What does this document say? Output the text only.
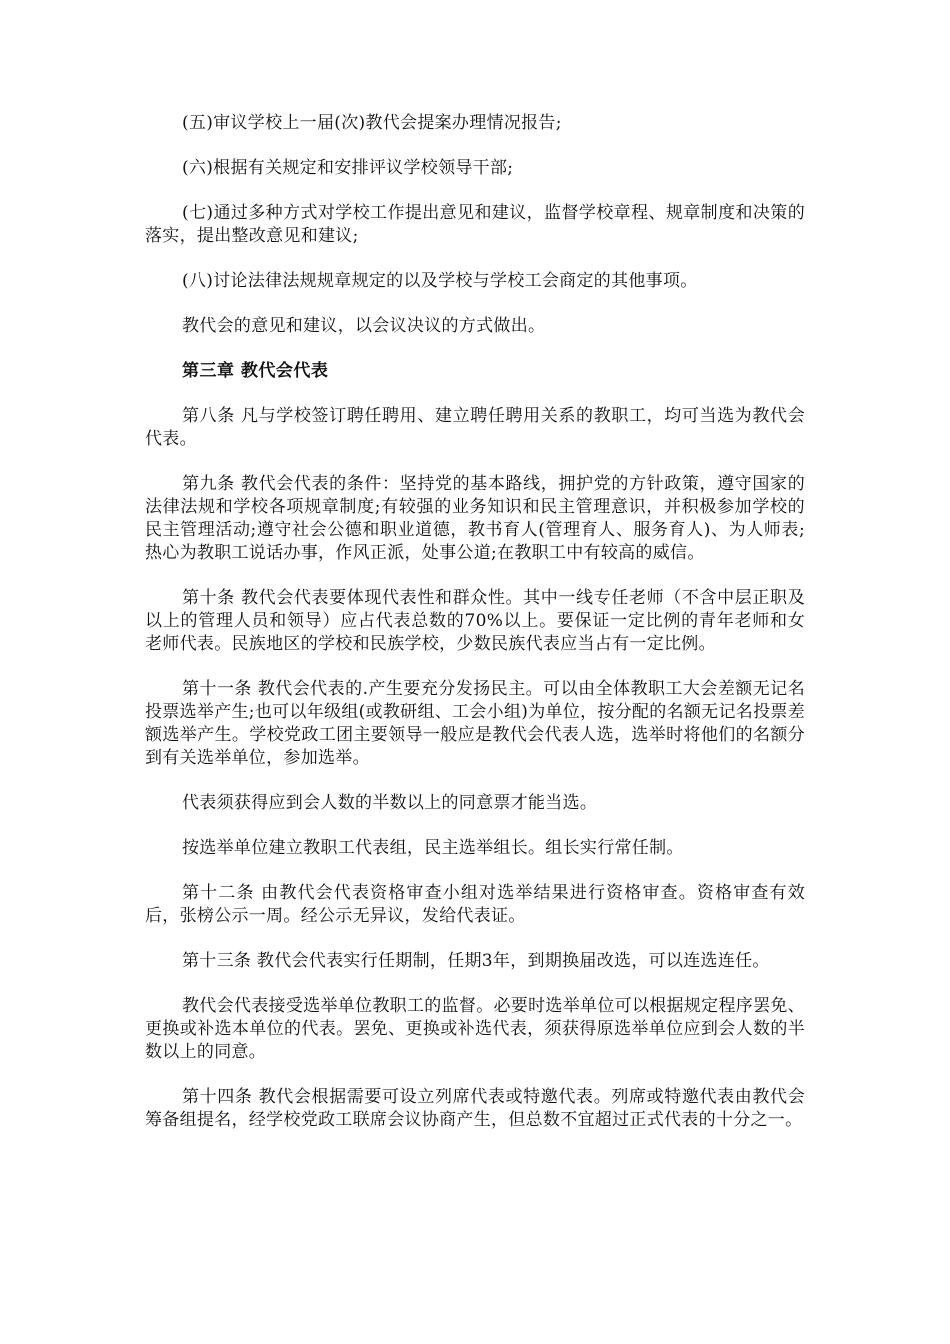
(五)审议学校上一届(次)教代会提案办理情况报告;

(六)根据有关规定和安排评议学校领导干部;

(七)通过多种方式对学校工作提出意见和建议，监督学校章程、规章制度和决策的落实，提出整改意见和建议;

(八)讨论法律法规规章规定的以及学校与学校工会商定的其他事项。

教代会的意见和建议，以会议决议的方式做出。

第三章 教代会代表

第八条 凡与学校签订聘任聘用、建立聘任聘用关系的教职工，均可当选为教代会代表。

第九条 教代会代表的条件：坚持党的基本路线，拥护党的方针政策，遵守国家的法律法规和学校各项规章制度;有较强的业务知识和民主管理意识，并积极参加学校的民主管理活动;遵守社会公德和职业道德，教书育人(管理育人、服务育人)、为人师表;热心为教职工说话办事，作风正派，处事公道;在教职工中有较高的威信。

第十条 教代会代表要体现代表性和群众性。其中一线专任老师（不含中层正职及以上的管理人员和领导）应占代表总数的70%以上。要保证一定比例的青年老师和女老师代表。民族地区的学校和民族学校，少数民族代表应当占有一定比例。

第十一条 教代会代表的.产生要充分发扬民主。可以由全体教职工大会差额无记名投票选举产生;也可以年级组(或教研组、工会小组)为单位，按分配的名额无记名投票差额选举产生。学校党政工团主要领导一般应是教代会代表人选，选举时将他们的名额分到有关选举单位，参加选举。

代表须获得应到会人数的半数以上的同意票才能当选。

按选举单位建立教职工代表组，民主选举组长。组长实行常任制。

第十二条 由教代会代表资格审查小组对选举结果进行资格审查。资格审查有效后，张榜公示一周。经公示无异议，发给代表证。

第十三条 教代会代表实行任期制，任期3年，到期换届改选，可以连选连任。

教代会代表接受选举单位教职工的监督。必要时选举单位可以根据规定程序罢免、更换或补选本单位的代表。罢免、更换或补选代表，须获得原选举单位应到会人数的半数以上的同意。

第十四条 教代会根据需要可设立列席代表或特邀代表。列席或特邀代表由教代会筹备组提名，经学校党政工联席会议协商产生，但总数不宜超过正式代表的十分之一。
